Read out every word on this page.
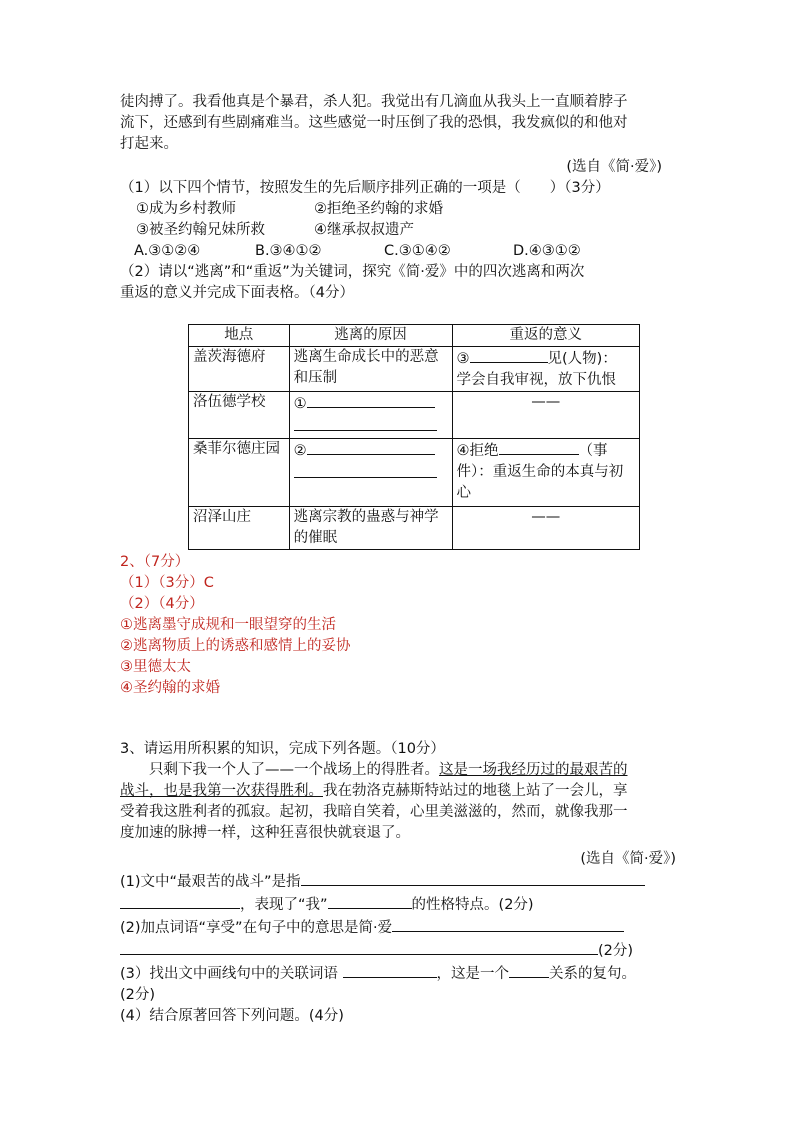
徒肉搏了。我看他真是个暴君，杀人犯。我觉出有几滴血从我头上一直顺着脖子

流下，还感到有些剧痛难当。这些感觉一时压倒了我的恐惧，我发疯似的和他对

打起来。

(选自《简·爱》)

（1）以下四个情节，按照发生的先后顺序排列正确的一项是（　　）（3分）

①成为乡村教师	②拒绝圣约翰的求婚
③被圣约翰兄妹所救	④继承叔叔遗产
A.③①②④	B.③④①②	C.③①④②	D.④③①②

（2）请以“逃离”和“重返”为关键词，探究《简·爱》中的四次逃离和两次

重返的意义并完成下面表格。（4分）

地点	逃离的原因	重返的意义
盖茨海德府	逃离生命成长中的恶意和压制	③ 见(人物)：
学会自我审视，放下仇恨

洛伍德学校	①	——
桑菲尔德庄园	②	④拒绝 （事
件）：重返生命的本真与初心

沼泽山庄	逃离宗教的蛊惑与神学的催眠	——

2、（7分）

（1）（3分）C

（2）（4分）

①逃离墨守成规和一眼望穿的生活

②逃离物质上的诱惑和感情上的妥协

③里德太太

④圣约翰的求婚

3、请运用所积累的知识，完成下列各题。（10分）

只剩下我一个人了——一个战场上的得胜者。这是一场我经历过的最艰苦的

战斗，也是我第一次获得胜利。我在勃洛克赫斯特站过的地毯上站了一会儿，享

受着我这胜利者的孤寂。起初，我暗自笑着，心里美滋滋的，然而，就像我那一

度加速的脉搏一样，这种狂喜很快就衰退了。

(选自《简·爱》)

(1)文中“最艰苦的战斗”是指
，表现了“我”	的性格特点。(2分)
(2)加点词语“享受”在句子中的意思是简·爱
(2分)
(3）找出文中画线句中的关联词语	，这是一个	关系的复句。
(2分)
(4）结合原著回答下列问题。(4分)
